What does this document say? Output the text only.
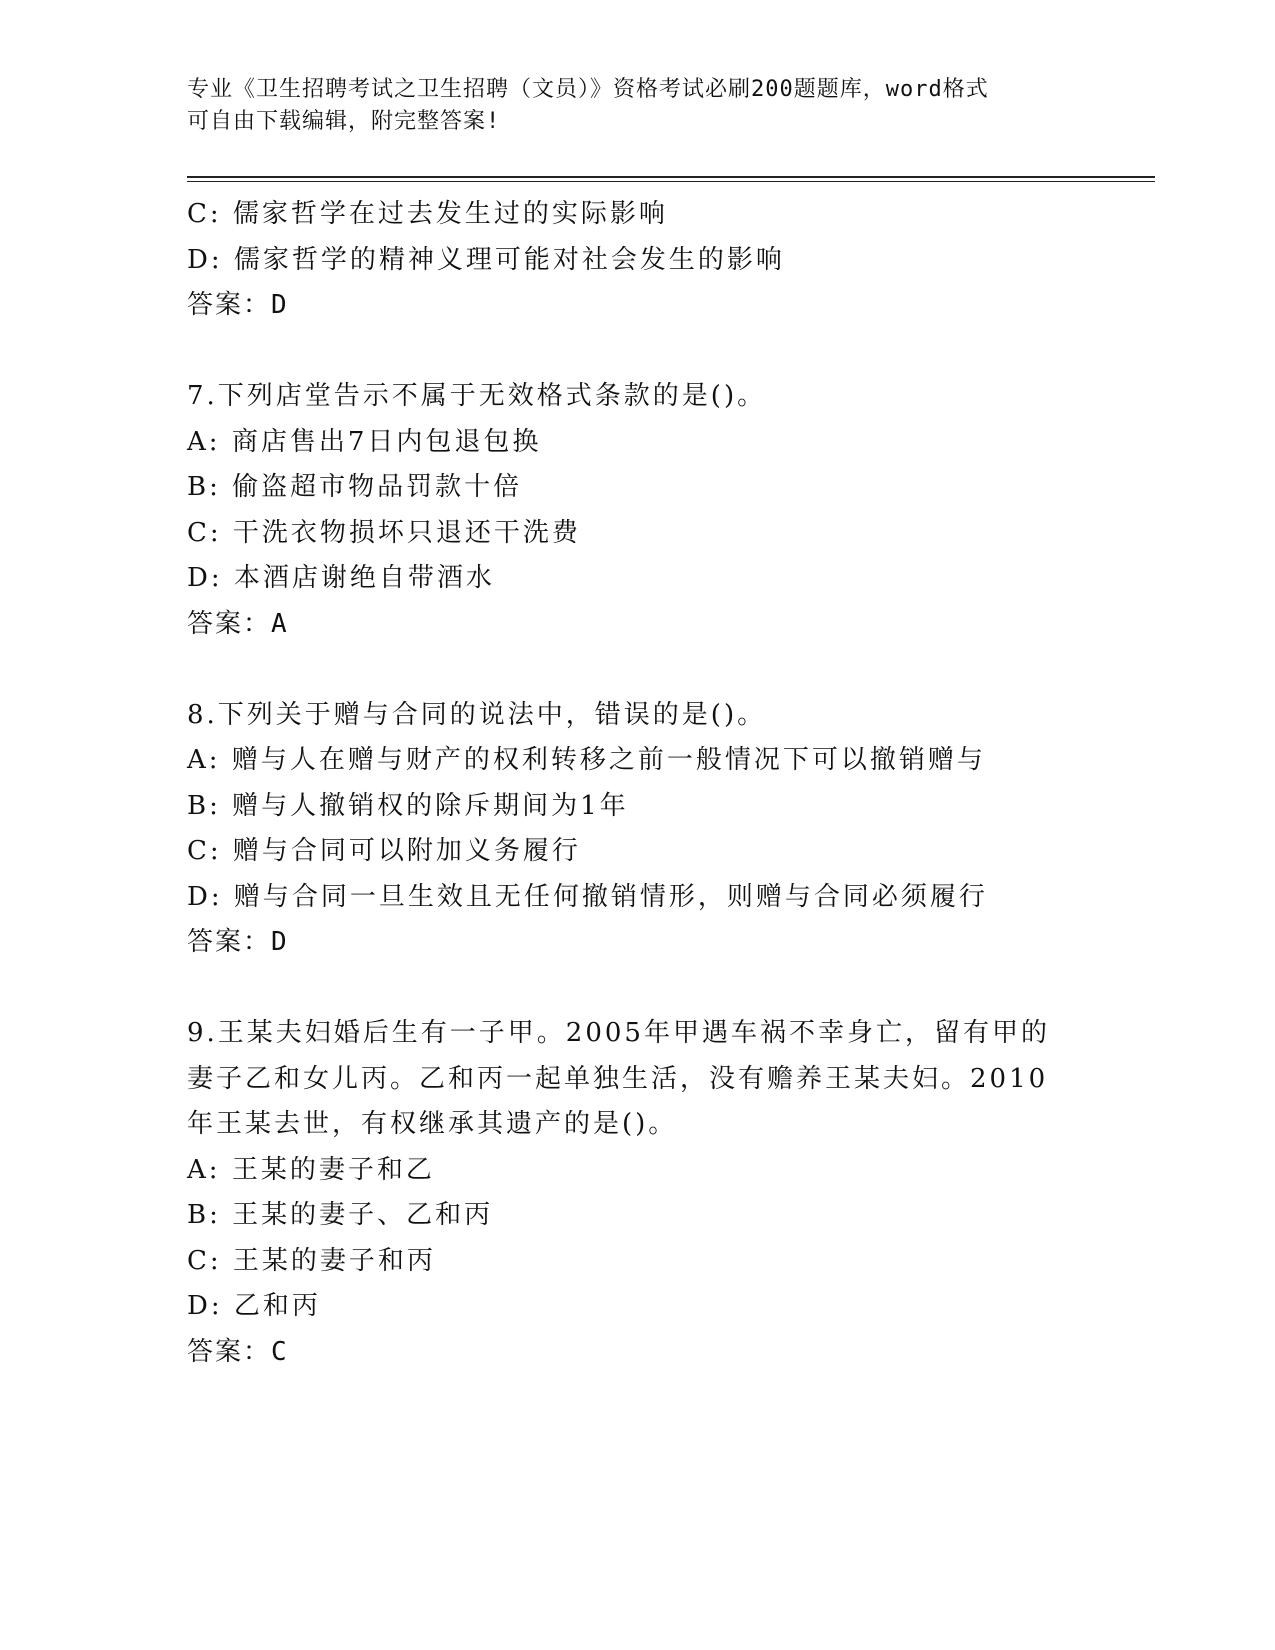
专业《卫生招聘考试之卫生招聘（文员）》资格考试必刷200题题库，word格式
可自由下载编辑，附完整答案!
C: 儒家哲学在过去发生过的实际影响
D: 儒家哲学的精神义理可能对社会发生的影响
答案：D
7.下列店堂告示不属于无效格式条款的是()。
A: 商店售出7日内包退包换
B: 偷盗超市物品罚款十倍
C: 干洗衣物损坏只退还干洗费
D: 本酒店谢绝自带酒水
答案：A
8.下列关于赠与合同的说法中，错误的是()。
A: 赠与人在赠与财产的权利转移之前一般情况下可以撤销赠与
B: 赠与人撤销权的除斥期间为1年
C: 赠与合同可以附加义务履行
D: 赠与合同一旦生效且无任何撤销情形，则赠与合同必须履行
答案：D
9.王某夫妇婚后生有一子甲。2005年甲遇车祸不幸身亡，留有甲的妻子乙和女儿丙。乙和丙一起单独生活，没有赡养王某夫妇。2010年王某去世，有权继承其遗产的是()。
A: 王某的妻子和乙
B: 王某的妻子、乙和丙
C: 王某的妻子和丙
D: 乙和丙
答案：C
